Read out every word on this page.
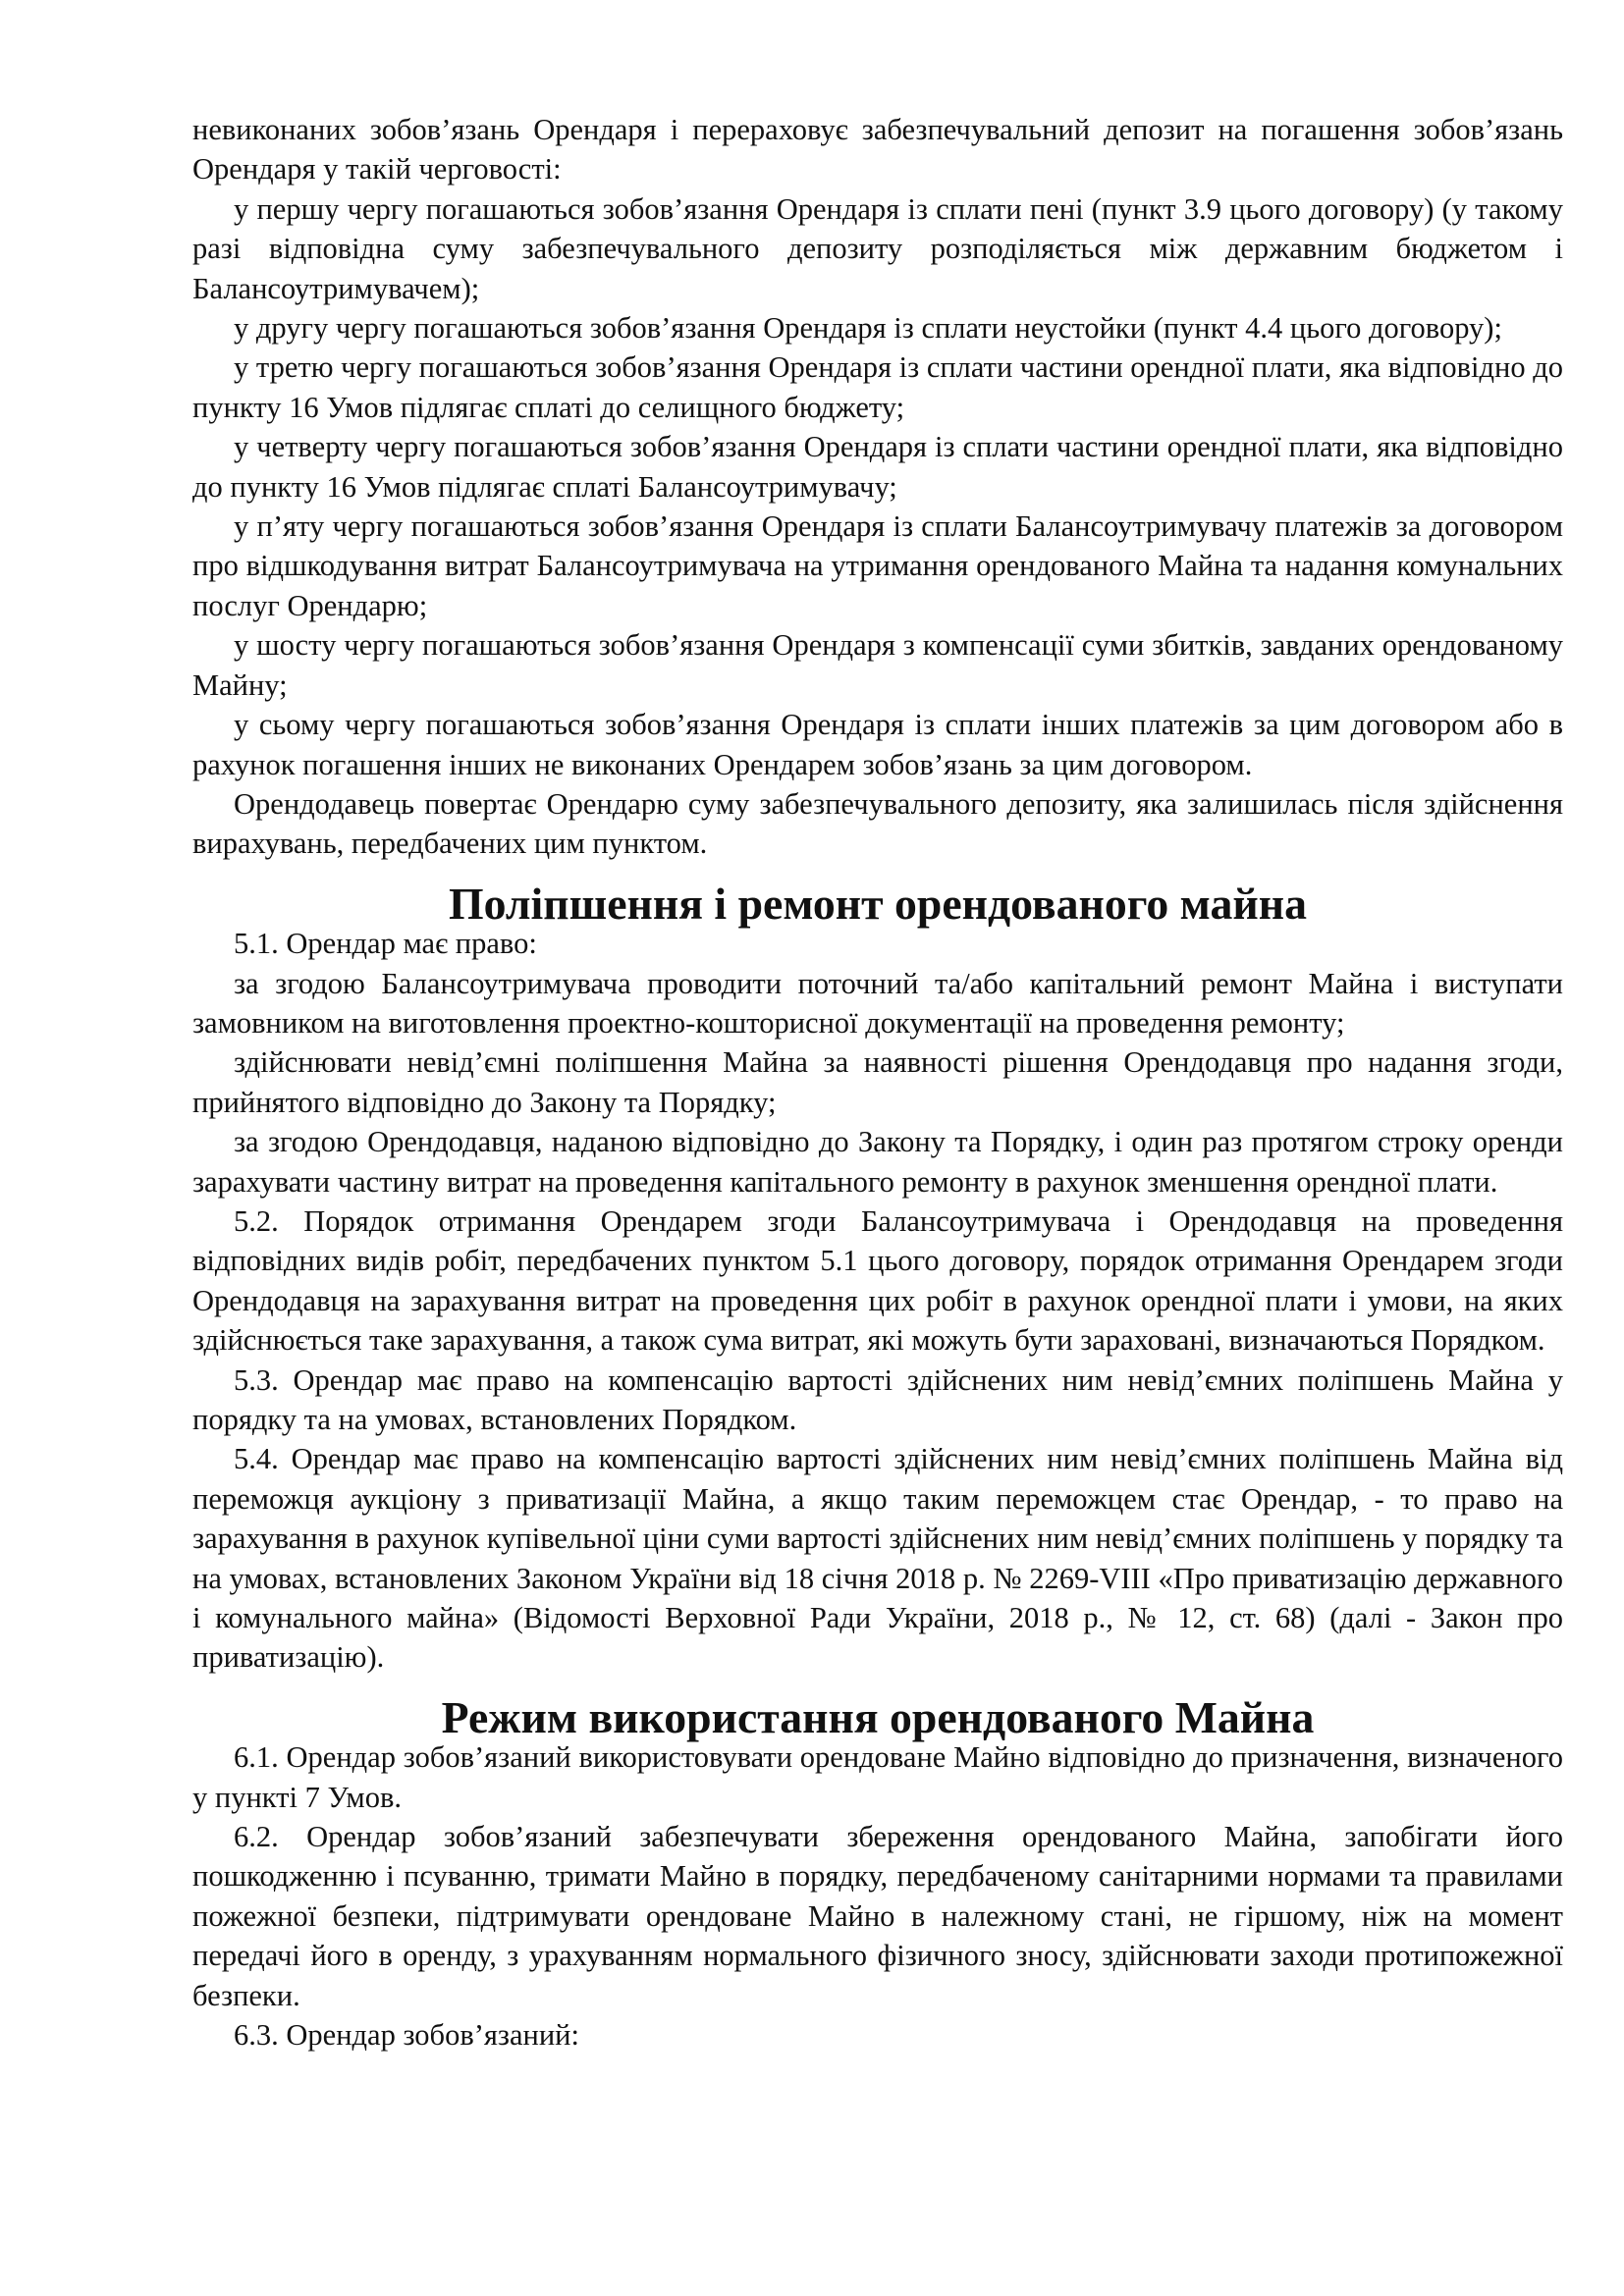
невиконаних зобов’язань Орендаря і перераховує забезпечувальний депозит на погашення зобов’язань Орендаря у такій черговості:

у першу чергу погашаються зобов’язання Орендаря із сплати пені (пункт 3.9 цього договору) (у такому разі відповідна суму забезпечувального депозиту розподіляється між державним бюджетом і Балансоутримувачем);

у другу чергу погашаються зобов’язання Орендаря із сплати неустойки (пункт 4.4 цього договору);

у третю чергу погашаються зобов’язання Орендаря із сплати частини орендної плати, яка відповідно до пункту 16 Умов підлягає сплаті до селищного бюджету;

у четверту чергу погашаються зобов’язання Орендаря із сплати частини орендної плати, яка відповідно до пункту 16 Умов підлягає сплаті Балансоутримувачу;

у п’яту чергу погашаються зобов’язання Орендаря із сплати Балансоутримувачу платежів за договором про відшкодування витрат Балансоутримувача на утримання орендованого Майна та надання комунальних послуг Орендарю;

у шосту чергу погашаються зобов’язання Орендаря з компенсації суми збитків, завданих орендованому Майну;

у сьому чергу погашаються зобов’язання Орендаря із сплати інших платежів за цим договором або в рахунок погашення інших не виконаних Орендарем зобов’язань за цим договором.

Орендодавець повертає Орендарю суму забезпечувального депозиту, яка залишилась після здійснення вирахувань, передбачених цим пунктом.

Поліпшення і ремонт орендованого майна

5.1. Орендар має право:

за згодою Балансоутримувача проводити поточний та/або капітальний ремонт Майна і виступати замовником на виготовлення проектно-кошторисної документації на проведення ремонту;

здійснювати невід’ємні поліпшення Майна за наявності рішення Орендодавця про надання згоди, прийнятого відповідно до Закону та Порядку;

за згодою Орендодавця, наданою відповідно до Закону та Порядку, і один раз протягом строку оренди зарахувати частину витрат на проведення капітального ремонту в рахунок зменшення орендної плати.

5.2. Порядок отримання Орендарем згоди Балансоутримувача і Орендодавця на проведення відповідних видів робіт, передбачених пунктом 5.1 цього договору, порядок отримання Орендарем згоди Орендодавця на зарахування витрат на проведення цих робіт в рахунок орендної плати і умови, на яких здійснюється таке зарахування, а також сума витрат, які можуть бути зараховані, визначаються Порядком.

5.3. Орендар має право на компенсацію вартості здійснених ним невід’ємних поліпшень Майна у порядку та на умовах, встановлених Порядком.

5.4. Орендар має право на компенсацію вартості здійснених ним невід’ємних поліпшень Майна від переможця аукціону з приватизації Майна, а якщо таким переможцем стає Орендар, - то право на зарахування в рахунок купівельної ціни суми вартості здійснених ним невід’ємних поліпшень у порядку та на умовах, встановлених Законом України від 18 січня 2018 р. № 2269-VIII «Про приватизацію державного і комунального майна» (Відомості Верховної Ради України, 2018 р., № 12, ст. 68) (далі - Закон про приватизацію).

Режим використання орендованого Майна

6.1. Орендар зобов’язаний використовувати орендоване Майно відповідно до призначення, визначеного у пункті 7 Умов.

6.2. Орендар зобов’язаний забезпечувати збереження орендованого Майна, запобігати його пошкодженню і псуванню, тримати Майно в порядку, передбаченому санітарними нормами та правилами пожежної безпеки, підтримувати орендоване Майно в належному стані, не гіршому, ніж на момент передачі його в оренду, з урахуванням нормального фізичного зносу, здійснювати заходи протипожежної безпеки.

6.3. Орендар зобов’язаний:
